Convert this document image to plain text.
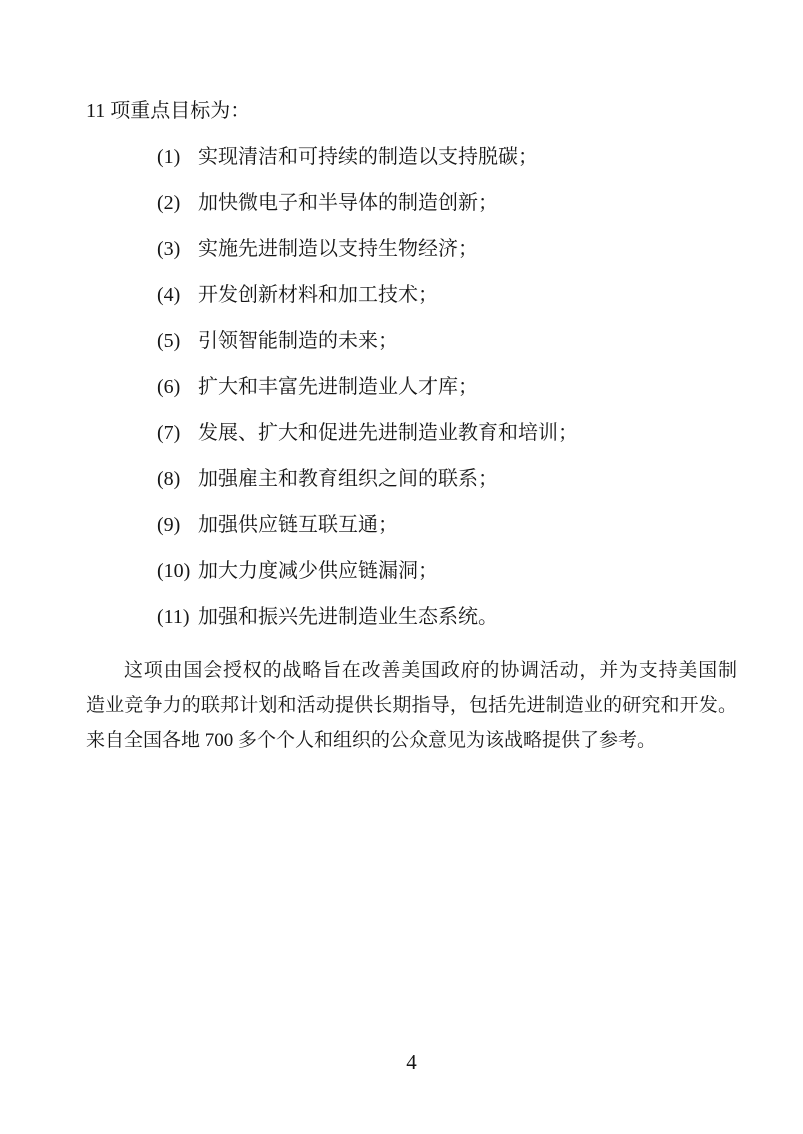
11 项重点目标为：
(1) 实现清洁和可持续的制造以支持脱碳；
(2) 加快微电子和半导体的制造创新；
(3) 实施先进制造以支持生物经济；
(4) 开发创新材料和加工技术；
(5) 引领智能制造的未来；
(6) 扩大和丰富先进制造业人才库；
(7) 发展、扩大和促进先进制造业教育和培训；
(8) 加强雇主和教育组织之间的联系；
(9) 加强供应链互联互通；
(10) 加大力度减少供应链漏洞；
(11) 加强和振兴先进制造业生态系统。
这项由国会授权的战略旨在改善美国政府的协调活动，并为支持美国制
造业竞争力的联邦计划和活动提供长期指导，包括先进制造业的研究和开发。
来自全国各地 700 多个个人和组织的公众意见为该战略提供了参考。
4
